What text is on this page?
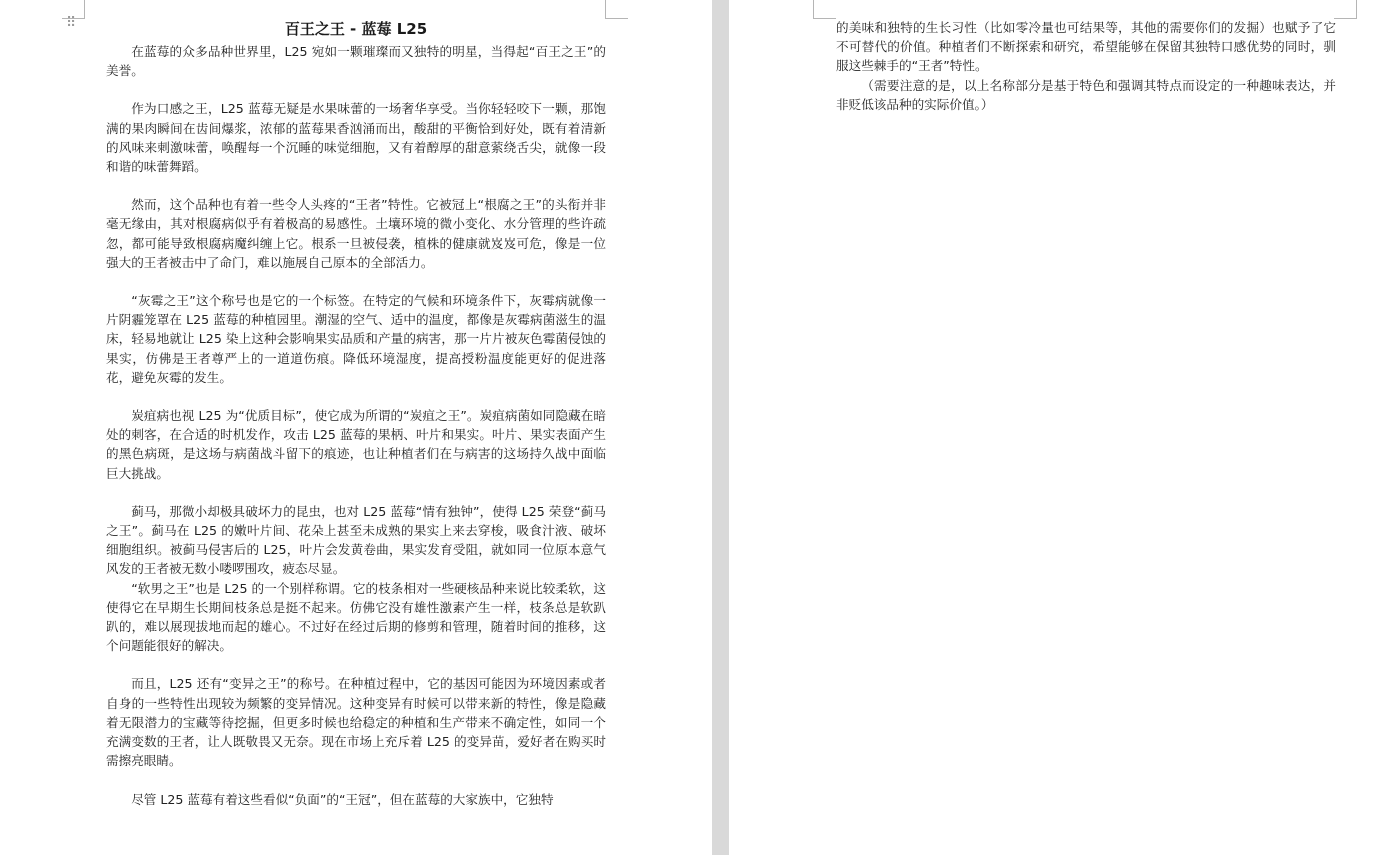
⠿	百王之王 - 蓝莓 L25

在蓝莓的众多品种世界里，L25 宛如一颗璀璨而又独特的明星，当得起“百王之王”的美誉。

作为口感之王，L25 蓝莓无疑是水果味蕾的一场奢华享受。当你轻轻咬下一颗，那饱满的果肉瞬间在齿间爆浆，浓郁的蓝莓果香汹涌而出，酸甜的平衡恰到好处，既有着清新的风味来刺激味蕾，唤醒每一个沉睡的味觉细胞，又有着醇厚的甜意萦绕舌尖，就像一段和谐的味蕾舞蹈。

然而，这个品种也有着一些令人头疼的“王者”特性。它被冠上“根腐之王”的头衔并非毫无缘由，其对根腐病似乎有着极高的易感性。土壤环境的微小变化、水分管理的些许疏忽，都可能导致根腐病魔纠缠上它。根系一旦被侵袭，植株的健康就岌岌可危，像是一位强大的王者被击中了命门，难以施展自己原本的全部活力。

“灰霉之王”这个称号也是它的一个标签。在特定的气候和环境条件下，灰霉病就像一片阴霾笼罩在 L25 蓝莓的种植园里。潮湿的空气、适中的温度，都像是灰霉病菌滋生的温床，轻易地就让 L25 染上这种会影响果实品质和产量的病害，那一片片被灰色霉菌侵蚀的果实，仿佛是王者尊严上的一道道伤痕。降低环境湿度，提高授粉温度能更好的促进落花，避免灰霉的发生。

炭疽病也视 L25 为“优质目标”，使它成为所谓的“炭疽之王”。炭疽病菌如同隐藏在暗处的刺客，在合适的时机发作，攻击 L25 蓝莓的果柄、叶片和果实。叶片、果实表面产生的黑色病斑，是这场与病菌战斗留下的痕迹，也让种植者们在与病害的这场持久战中面临巨大挑战。

蓟马，那微小却极具破坏力的昆虫，也对 L25 蓝莓“情有独钟”，使得 L25 荣登“蓟马之王”。蓟马在 L25 的嫩叶片间、花朵上甚至未成熟的果实上来去穿梭，吸食汁液、破坏细胞组织。被蓟马侵害后的 L25，叶片会发黄卷曲，果实发育受阻，就如同一位原本意气风发的王者被无数小喽啰围攻，疲态尽显。

“软男之王”也是 L25 的一个别样称谓。它的枝条相对一些硬核品种来说比较柔软，这使得它在早期生长期间枝条总是挺不起来。仿佛它没有雄性激素产生一样，枝条总是软趴趴的，难以展现拔地而起的雄心。不过好在经过后期的修剪和管理，随着时间的推移，这个问题能很好的解决。

而且，L25 还有“变异之王”的称号。在种植过程中，它的基因可能因为环境因素或者自身的一些特性出现较为频繁的变异情况。这种变异有时候可以带来新的特性，像是隐藏着无限潜力的宝藏等待挖掘，但更多时候也给稳定的种植和生产带来不确定性，如同一个充满变数的王者，让人既敬畏又无奈。现在市场上充斥着 L25 的变异苗，爱好者在购买时需擦亮眼睛。

尽管 L25 蓝莓有着这些看似“负面”的“王冠”，但在蓝莓的大家族中，它独特

的美味和独特的生长习性（比如零冷量也可结果等，其他的需要你们的发掘）也赋予了它不可替代的价值。种植者们不断探索和研究，希望能够在保留其独特口感优势的同时，驯服这些棘手的“王者”特性。

（需要注意的是，以上名称部分是基于特色和强调其特点而设定的一种趣味表达，并非贬低该品种的实际价值。）
